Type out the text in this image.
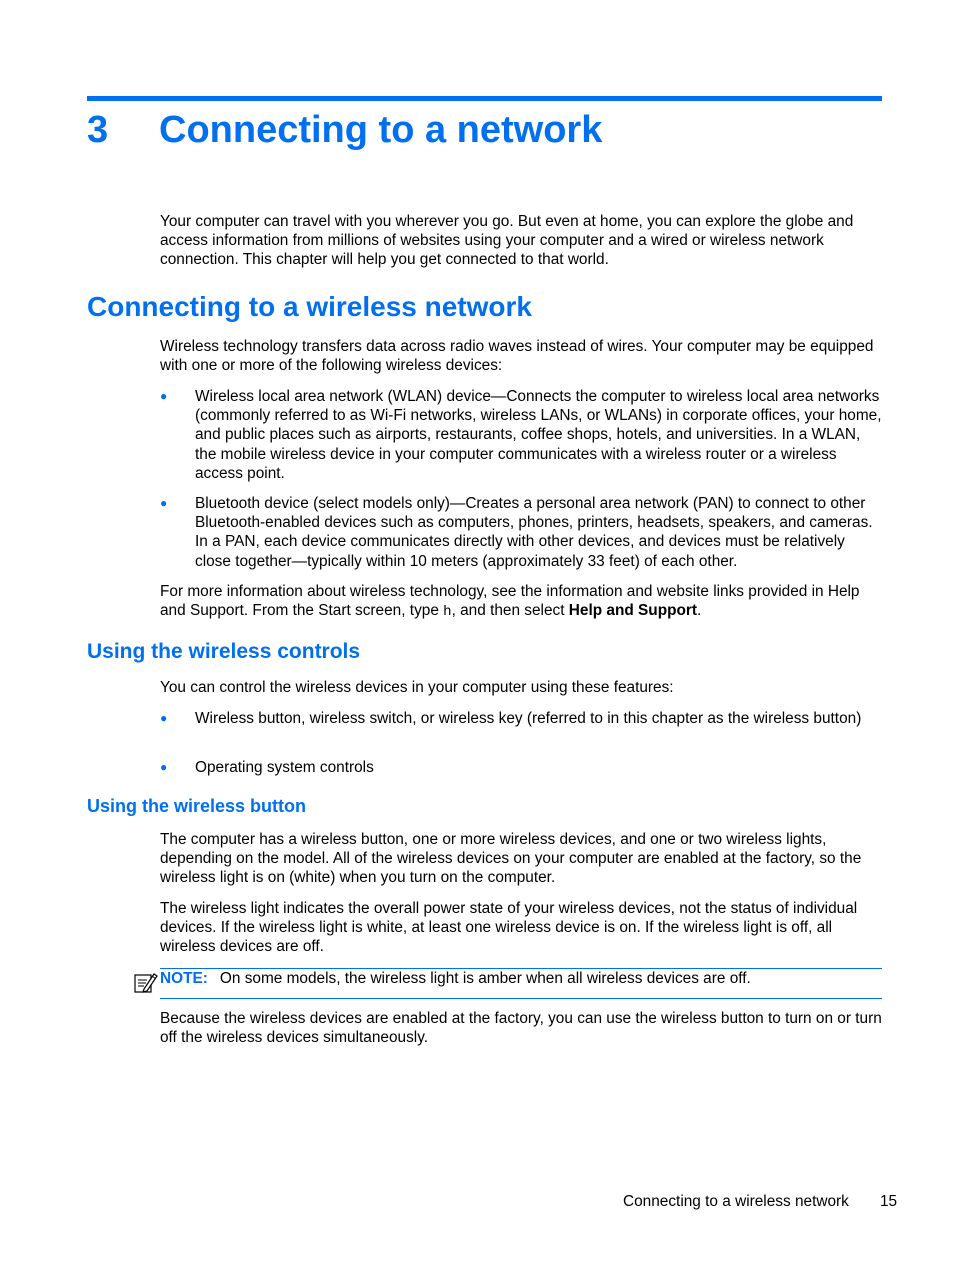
3 Connecting to a network
Your computer can travel with you wherever you go. But even at home, you can explore the globe and access information from millions of websites using your computer and a wired or wireless network connection. This chapter will help you get connected to that world.
Connecting to a wireless network
Wireless technology transfers data across radio waves instead of wires. Your computer may be equipped with one or more of the following wireless devices:
● Wireless local area network (WLAN) device—Connects the computer to wireless local area networks (commonly referred to as Wi-Fi networks, wireless LANs, or WLANs) in corporate offices, your home, and public places such as airports, restaurants, coffee shops, hotels, and universities. In a WLAN, the mobile wireless device in your computer communicates with a wireless router or a wireless access point.
● Bluetooth device (select models only)—Creates a personal area network (PAN) to connect to other Bluetooth-enabled devices such as computers, phones, printers, headsets, speakers, and cameras. In a PAN, each device communicates directly with other devices, and devices must be relatively close together—typically within 10 meters (approximately 33 feet) of each other.
For more information about wireless technology, see the information and website links provided in Help and Support. From the Start screen, type h, and then select Help and Support.
Using the wireless controls
You can control the wireless devices in your computer using these features:
● Wireless button, wireless switch, or wireless key (referred to in this chapter as the wireless button)
● Operating system controls
Using the wireless button
The computer has a wireless button, one or more wireless devices, and one or two wireless lights, depending on the model. All of the wireless devices on your computer are enabled at the factory, so the wireless light is on (white) when you turn on the computer.
The wireless light indicates the overall power state of your wireless devices, not the status of individual devices. If the wireless light is white, at least one wireless device is on. If the wireless light is off, all wireless devices are off.
NOTE: On some models, the wireless light is amber when all wireless devices are off.
Because the wireless devices are enabled at the factory, you can use the wireless button to turn on or turn off the wireless devices simultaneously.
Connecting to a wireless network 15
